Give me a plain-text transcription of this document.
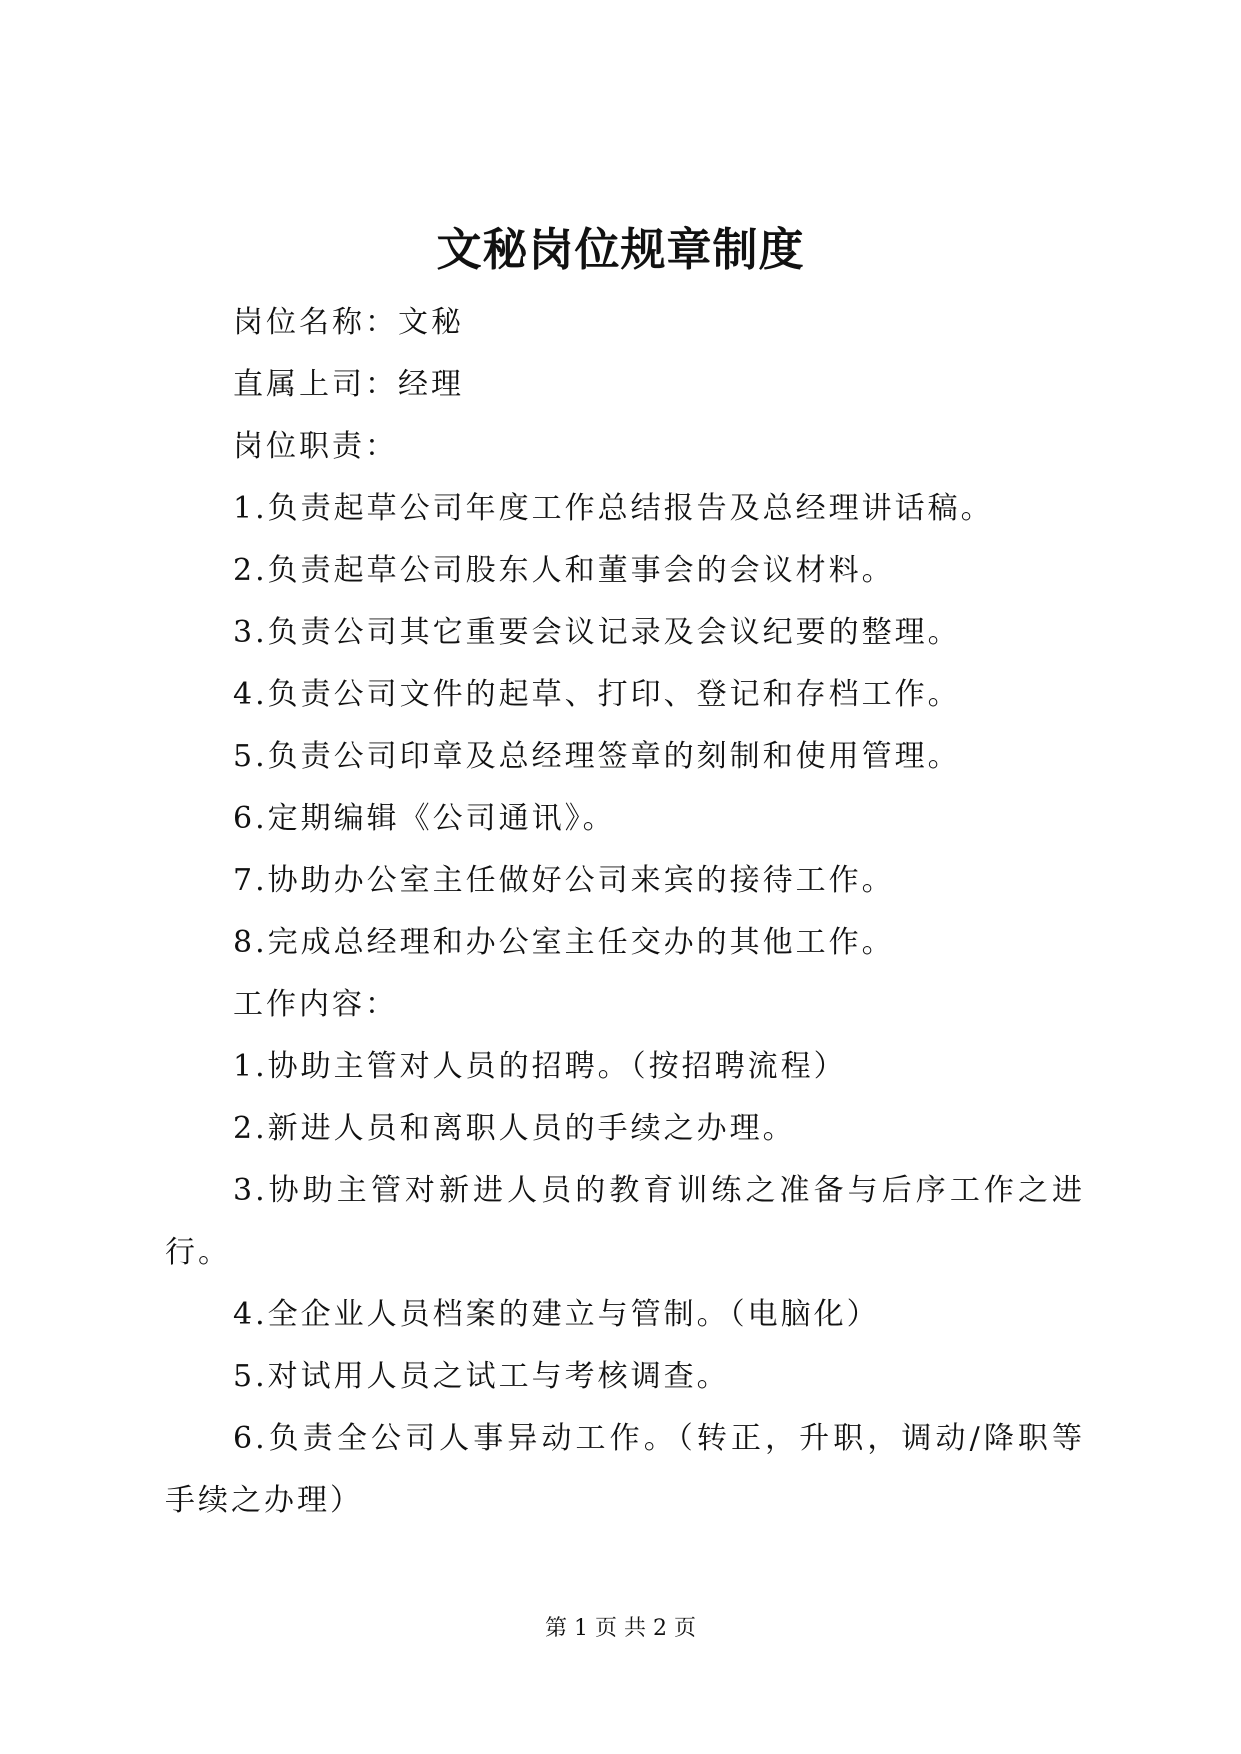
文秘岗位规章制度

岗位名称：文秘

直属上司：经理

岗位职责：

1.负责起草公司年度工作总结报告及总经理讲话稿。

2.负责起草公司股东人和董事会的会议材料。

3.负责公司其它重要会议记录及会议纪要的整理。

4.负责公司文件的起草、打印、登记和存档工作。

5.负责公司印章及总经理签章的刻制和使用管理。

6.定期编辑《公司通讯》。

7.协助办公室主任做好公司来宾的接待工作。

8.完成总经理和办公室主任交办的其他工作。

工作内容：

1.协助主管对人员的招聘。（按招聘流程）

2.新进人员和离职人员的手续之办理。

3.协助主管对新进人员的教育训练之准备与后序工作之进行。

4.全企业人员档案的建立与管制。（电脑化）

5.对试用人员之试工与考核调查。

6.负责全公司人事异动工作。（转正，升职，调动/降职等手续之办理）

第 1 页 共 2 页
